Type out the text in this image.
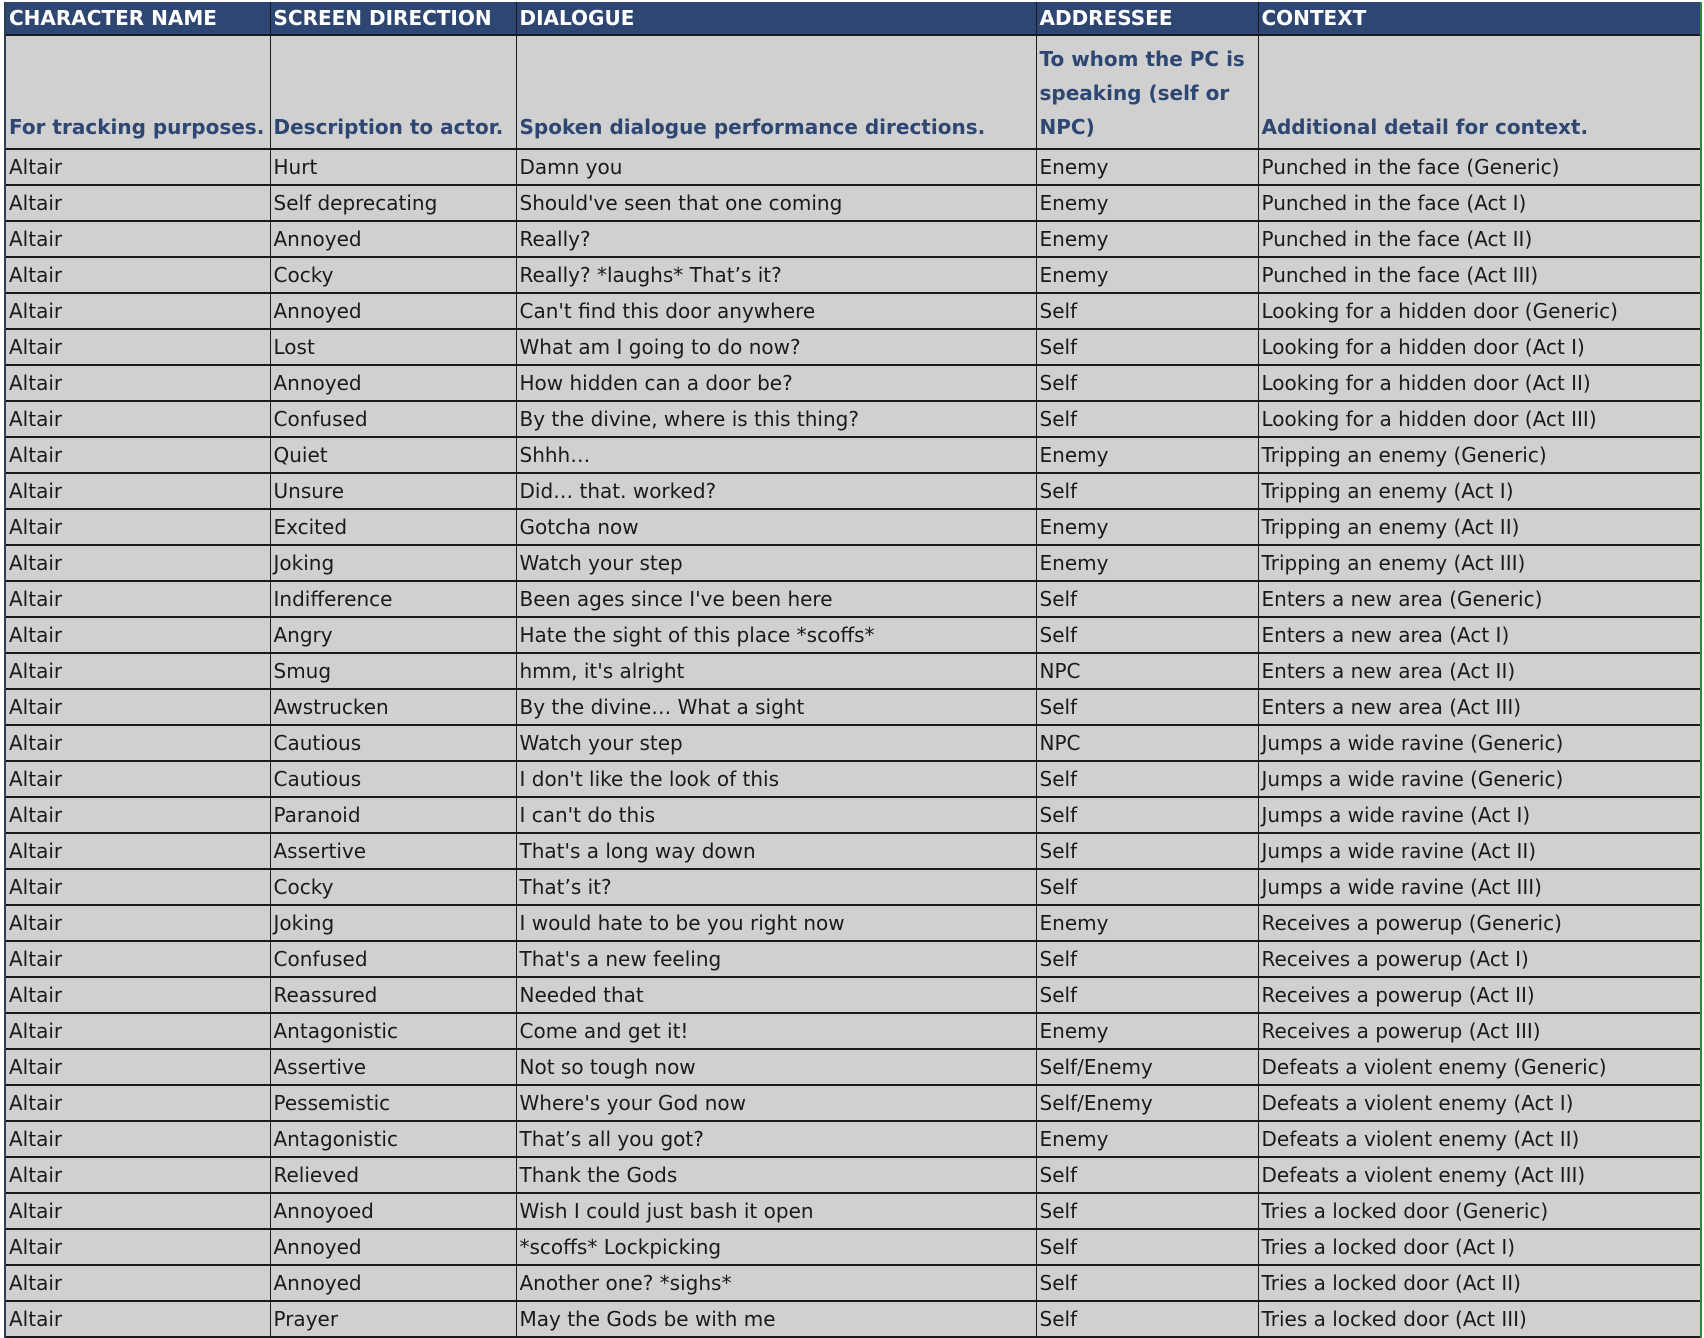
CHARACTER NAME	SCREEN DIRECTION	DIALOGUE	ADDRESSEE	CONTEXT
For tracking purposes.	Description to actor.	Spoken dialogue performance directions.	To whom the PC is speaking (self or NPC)	Additional detail for context.
Altair	Hurt	Damn you	Enemy	Punched in the face (Generic)
Altair	Self deprecating	Should've seen that one coming	Enemy	Punched in the face (Act I)
Altair	Annoyed	Really?	Enemy	Punched in the face (Act II)
Altair	Cocky	Really? *laughs* That’s it?	Enemy	Punched in the face (Act III)
Altair	Annoyed	Can't find this door anywhere	Self	Looking for a hidden door (Generic)
Altair	Lost	What am I going to do now?	Self	Looking for a hidden door (Act I)
Altair	Annoyed	How hidden can a door be?	Self	Looking for a hidden door (Act II)
Altair	Confused	By the divine, where is this thing?	Self	Looking for a hidden door (Act III)
Altair	Quiet	Shhh…	Enemy	Tripping an enemy (Generic)
Altair	Unsure	Did… that. worked?	Self	Tripping an enemy (Act I)
Altair	Excited	Gotcha now	Enemy	Tripping an enemy (Act II)
Altair	Joking	Watch your step	Enemy	Tripping an enemy (Act III)
Altair	Indifference	Been ages since I've been here	Self	Enters a new area (Generic)
Altair	Angry	Hate the sight of this place *scoffs*	Self	Enters a new area (Act I)
Altair	Smug	hmm, it's alright	NPC	Enters a new area (Act II)
Altair	Awstrucken	By the divine… What a sight	Self	Enters a new area (Act III)
Altair	Cautious	Watch your step	NPC	Jumps a wide ravine (Generic)
Altair	Cautious	I don't like the look of this	Self	Jumps a wide ravine (Generic)
Altair	Paranoid	I can't do this	Self	Jumps a wide ravine (Act I)
Altair	Assertive	That's a long way down	Self	Jumps a wide ravine (Act II)
Altair	Cocky	That’s it?	Self	Jumps a wide ravine (Act III)
Altair	Joking	I would hate to be you right now	Enemy	Receives a powerup (Generic)
Altair	Confused	That's a new feeling	Self	Receives a powerup (Act I)
Altair	Reassured	Needed that	Self	Receives a powerup (Act II)
Altair	Antagonistic	Come and get it!	Enemy	Receives a powerup (Act III)
Altair	Assertive	Not so tough now	Self/Enemy	Defeats a violent enemy (Generic)
Altair	Pessemistic	Where's your God now	Self/Enemy	Defeats a violent enemy (Act I)
Altair	Antagonistic	That’s all you got?	Enemy	Defeats a violent enemy (Act II)
Altair	Relieved	Thank the Gods	Self	Defeats a violent enemy (Act III)
Altair	Annoyoed	Wish I could just bash it open	Self	Tries a locked door (Generic)
Altair	Annoyed	*scoffs* Lockpicking	Self	Tries a locked door (Act I)
Altair	Annoyed	Another one? *sighs*	Self	Tries a locked door (Act II)
Altair	Prayer	May the Gods be with me	Self	Tries a locked door (Act III)
